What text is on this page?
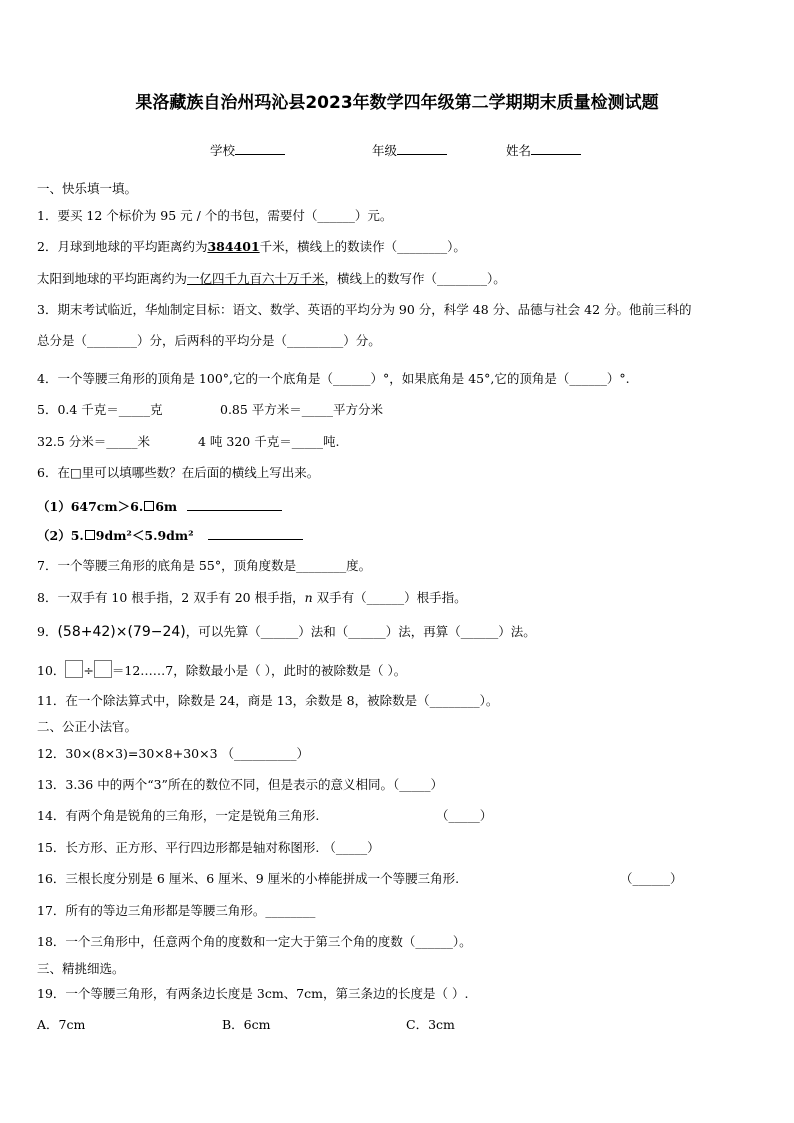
果洛藏族自治州玛沁县2023年数学四年级第二学期期末质量检测试题
学校	年级	姓名
一、快乐填一填。
1．要买 12 个标价为 95 元 / 个的书包，需要付（______）元。
2．月球到地球的平均距离约为384401千米，横线上的数读作（________）。
太阳到地球的平均距离约为一亿四千九百六十万千米，横线上的数写作（________）。
3．期末考试临近，华灿制定目标：语文、数学、英语的平均分为 90 分，科学 48 分、品德与社会 42 分。他前三科的
总分是（________）分，后两科的平均分是（_________）分。
4．一个等腰三角形的顶角是 100°,它的一个底角是（______）°，如果底角是 45°,它的顶角是（______）°.
5．0.4 千克＝_____克	0.85 平方米＝_____平方分米
32.5 分米＝_____米	4 吨 320 千克＝_____吨.
6．在□里可以填哪些数？在后面的横线上写出来。
（1）647cm＞6. 6m
（2）5. 9dm²＜5.9dm²
7．一个等腰三角形的底角是 55°，顶角度数是________度。
8．一双手有 10 根手指，2 双手有 20 根手指，n 双手有（______）根手指。
9．(58+42)×(79−24)，可以先算（______）法和（______）法，再算（______）法。
10． ÷ ＝12……7，除数最小是（ ），此时的被除数是（ ）。
11．在一个除法算式中，除数是 24，商是 13，余数是 8，被除数是（________）。
二、公正小法官。
12．30×(8×3)=30×8+30×3 （__________）
13．3.36 中的两个“3”所在的数位不同，但是表示的意义相同。（_____）
14．有两个角是锐角的三角形，一定是锐角三角形.	（_____）
15．长方形、正方形、平行四边形都是轴对称图形. （_____）
16．三根长度分别是 6 厘米、6 厘米、9 厘米的小棒能拼成一个等腰三角形.	（______）
17．所有的等边三角形都是等腰三角形。________
18．一个三角形中，任意两个角的度数和一定大于第三个角的度数（______）。
三、精挑细选。
19．一个等腰三角形，有两条边长度是 3cm、7cm，第三条边的长度是（ ）.
A．7cm	B．6cm	C．3cm
